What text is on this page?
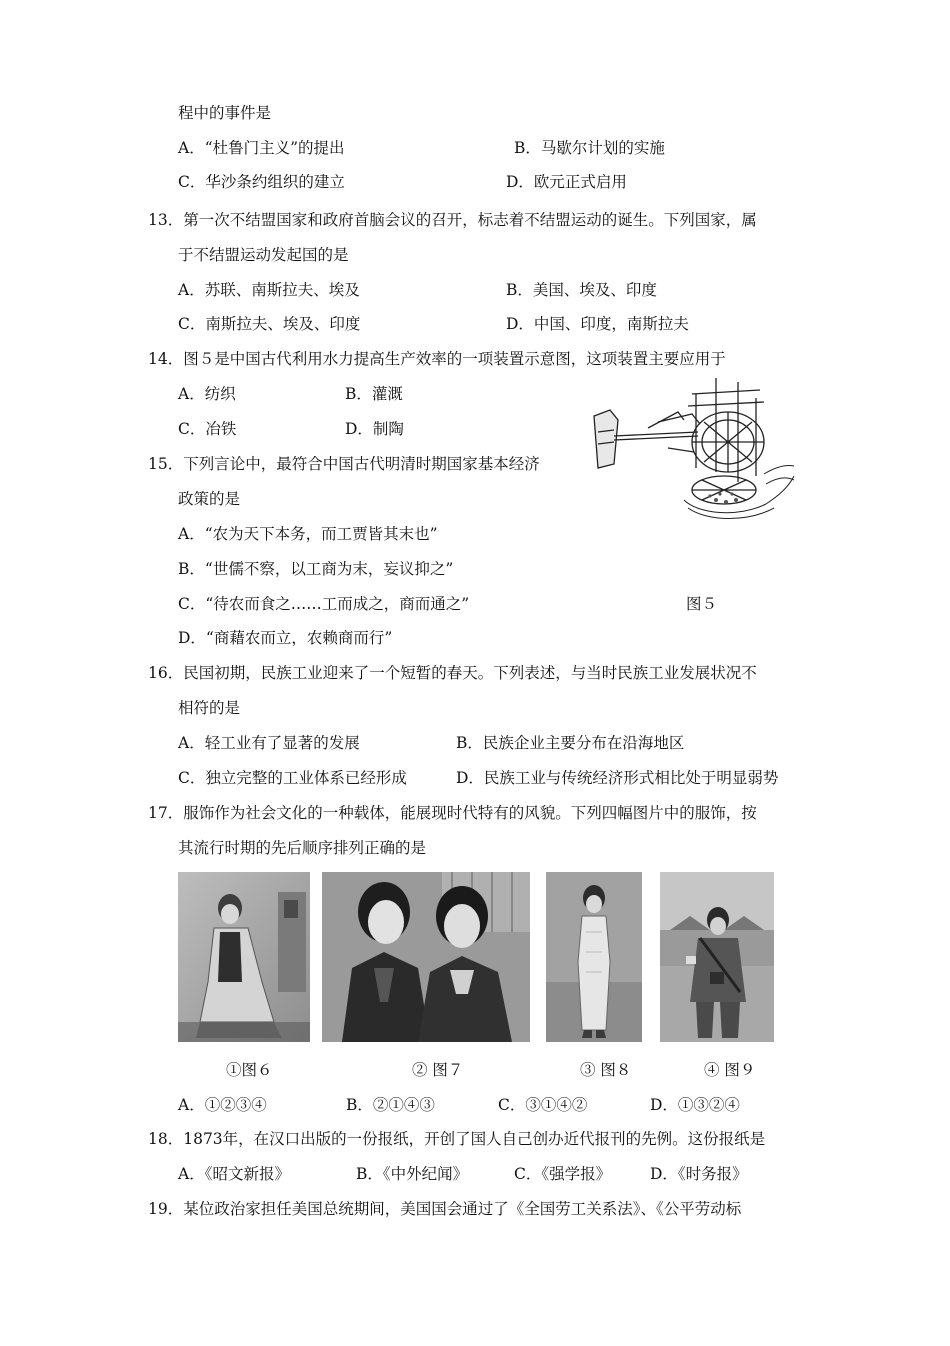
程中的事件是
A．“杜鲁门主义”的提出	B．马歇尔计划的实施
C．华沙条约组织的建立	D．欧元正式启用
13．第一次不结盟国家和政府首脑会议的召开，标志着不结盟运动的诞生。下列国家，属
于不结盟运动发起国的是
A．苏联、南斯拉夫、埃及	B．美国、埃及、印度
C．南斯拉夫、埃及、印度	D．中国、印度，南斯拉夫
14．图５是中国古代利用水力提高生产效率的一项装置示意图，这项装置主要应用于
A．纺织	B．灌溉
C．冶铁	D．制陶
15．下列言论中，最符合中国古代明清时期国家基本经济
政策的是
A．“农为天下本务，而工贾皆其末也”
B．“世儒不察，以工商为末，妄议抑之”
C．“待农而食之……工而成之，商而通之”	图５
D．“商藉农而立，农赖商而行”
16．民国初期，民族工业迎来了一个短暂的春天。下列表述，与当时民族工业发展状况不
相符的是
A．轻工业有了显著的发展	B．民族企业主要分布在沿海地区
C．独立完整的工业体系已经形成	D．民族工业与传统经济形式相比处于明显弱势
17．服饰作为社会文化的一种载体，能展现时代特有的风貌。下列四幅图片中的服饰，按
其流行时期的先后顺序排列正确的是
①图６	② 图７	③ 图８	④ 图９
A．①②③④	B．②①④③	C．③①④②	D．①③②④
18．1873年，在汉口出版的一份报纸，开创了国人自己创办近代报刊的先例。这份报纸是
A．《昭文新报》	B．《中外纪闻》	C．《强学报》	D．《时务报》
19．某位政治家担任美国总统期间，美国国会通过了《全国劳工关系法》、《公平劳动标
